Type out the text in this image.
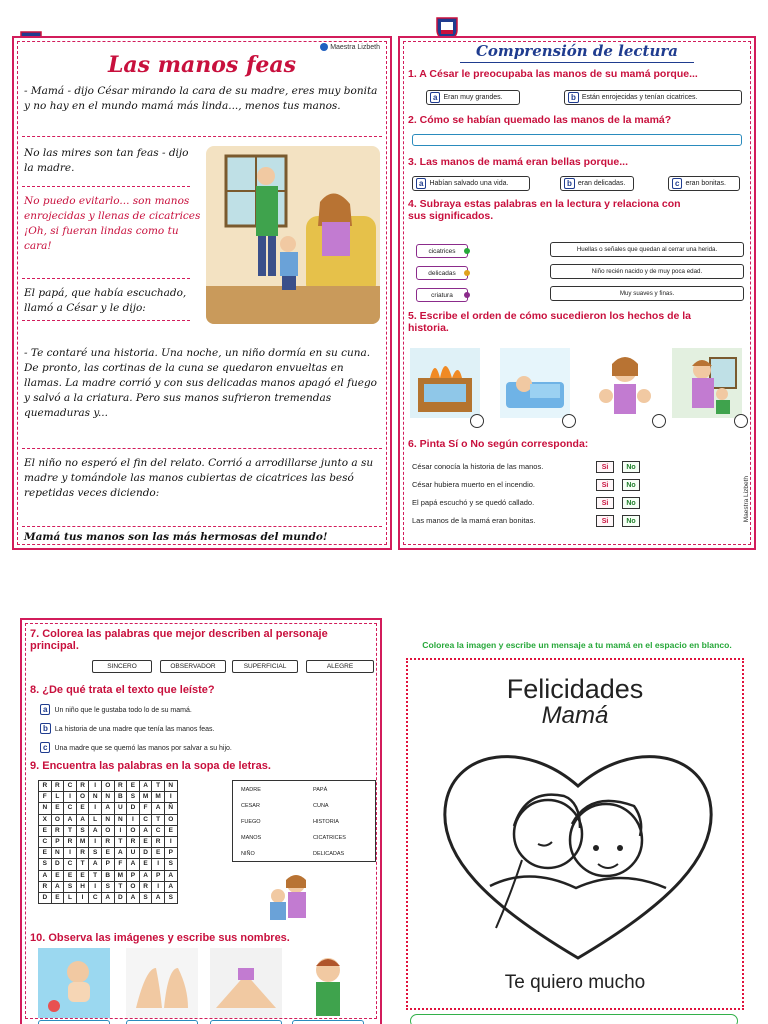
Maestra Lizbeth
Las manos feas

- Mamá - dijo César mirando la cara de su madre, eres muy bonita y no hay en el mundo mamá más linda..., menos tus manos.

No las mires son tan feas - dijo la madre.

No puedo evitarlo... son manos enrojecidas y llenas de cicatrices ¡Oh, si fueran lindas como tu cara!

El papá, que había escuchado, llamó a César y le dijo:

- Te contaré una historia. Una noche, un niño dormía en su cuna. De pronto, las cortinas de la cuna se quedaron envueltas en llamas. La madre corrió y con sus delicadas manos apagó el fuego y salvó a la criatura. Pero sus manos sufrieron tremendas quemaduras y...

El niño no esperó el fin del relato. Corrió a arrodillarse junto a su madre y tomándole las manos cubiertas de cicatrices las besó repetidas veces diciendo:

Mamá tus manos son las más hermosas del mundo!

Comprensión de lectura
1. A César le preocupaba las manos de su mamá porque...
a Eran muy grandes.	b Están enrojecidas y tenían cicatrices.
2. Cómo se habían quemado las manos de la mamá?
3. Las manos de mamá eran bellas porque...
a Habían salvado una vida.	b eran delicadas.	c eran bonitas.
4. Subraya estas palabras en la lectura y relaciona con
sus significados.
cicatrices
delicadas
criatura
Huellas o señales que quedan al cerrar una herida.
Niño recién nacido y de muy poca edad.
Muy suaves y finas.
5. Escribe el orden de cómo sucedieron los hechos de la
historia.
6. Pinta Sí o No según corresponda:
César conocía la historia de las manos.	Si	No
César hubiera muerto en el incendio.	Si	No
El papá escuchó y se quedó callado.	Si	No
Las manos de la mamá eran bonitas.	Si	No	Maestra Lizbeth
7. Colorea las palabras que mejor describen al personaje
principal.
SINCERO	OBSERVADOR	SUPERFICIAL	ALEGRE
8. ¿De qué trata el texto que leíste?
a Un niño que le gustaba todo lo de su mamá.
b La historia de una madre que tenía las manos feas.
c Una madre que se quemó las manos por salvar a su hijo.
9. Encuentra las palabras en la sopa de letras.
R	R	C	R	I	O	R	E	A	T	N
F	L	I	O	N	N	B	S	M	M	I
N	E	C	E	I	A	U	D	F	A	Ñ
X	O	A	A	L	N	N	I	C	T	O
E	R	T	S	A	O	I	O	A	C	E
C	P	R	M	I	R	T	R	E	R	I
E	N	I	R	S	E	A	U	D	E	P
S	D	C	T	A	P	F	A	E	I	S
A	E	E	E	T	B	M	P	A	P	A
R	A	S	H	I	S	T	O	R	I	A
D	E	L	I	C	A	D	A	S	A	S
MADRE	PAPÁ
CESAR	CUNA
FUEGO	HISTORIA
MANOS	CICATRICES
NIÑO	DELICADAS
10. Observa las imágenes y escribe sus nombres.
Colorea la imagen y escribe un mensaje a tu mamá en el espacio en blanco.
Felicidades
Mamá
Te quiero mucho
